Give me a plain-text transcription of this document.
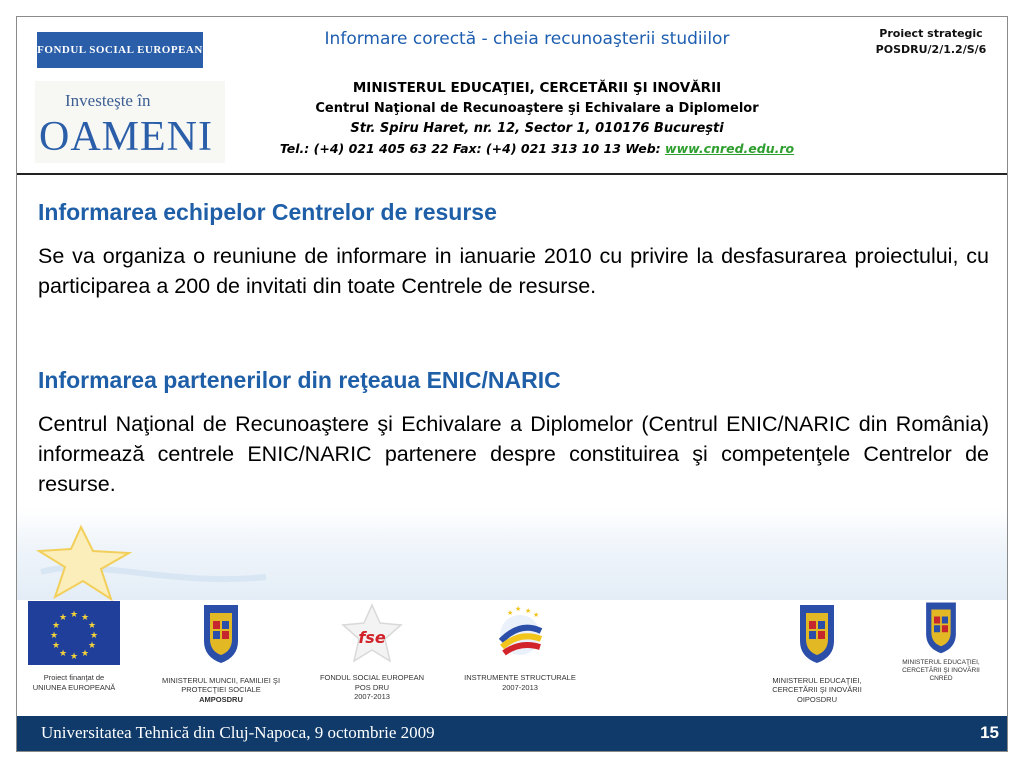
FONDUL SOCIAL EUROPEAN
Investeşte în
OAMENI
Informare corectă - cheia recunoaşterii studiilor	Proiect strategic
POSDRU/2/1.2/S/6
MINISTERUL EDUCAŢIEI, CERCETĂRII ŞI INOVĂRII
Centrul Naţional de Recunoaştere şi Echivalare a Diplomelor
Str. Spiru Haret, nr. 12, Sector 1, 010176 Bucureşti
Tel.: (+4) 021 405 63 22 Fax: (+4) 021 313 10 13 Web: www.cnred.edu.ro
Informarea echipelor Centrelor de resurse
Se va organiza o reuniune de informare in ianuarie 2010 cu privire la desfasurarea proiectului, cu participarea a 200 de invitati din toate Centrele de resurse.
Informarea partenerilor din reţeaua ENIC/NARIC
Centrul Naţional de Recunoaştere şi Echivalare a Diplomelor (Centrul ENIC/NARIC din România) informează centrele ENIC/NARIC partenere despre constituirea şi competenţele Centrelor de resurse.
★ ★
★
★
★
★
★
★
★
★
★
★
Proiect finanţat de
UNIUNEA EUROPEANĂ
MINISTERUL MUNCII, FAMILIEI ŞI
PROTECŢIEI SOCIALE
AMPOSDRU
fse
FONDUL SOCIAL EUROPEAN
POS DRU
2007-2013
★ ★ ★
★
INSTRUMENTE STRUCTURALE
2007-2013
MINISTERUL EDUCAŢIEI,
CERCETĂRII ŞI INOVĂRII
OIPOSDRU
MINISTERUL EDUCAŢIEI,
CERCETĂRII ŞI INOVĂRII
CNRED
Universitatea Tehnică din Cluj-Napoca, 9 octombrie 2009	15
